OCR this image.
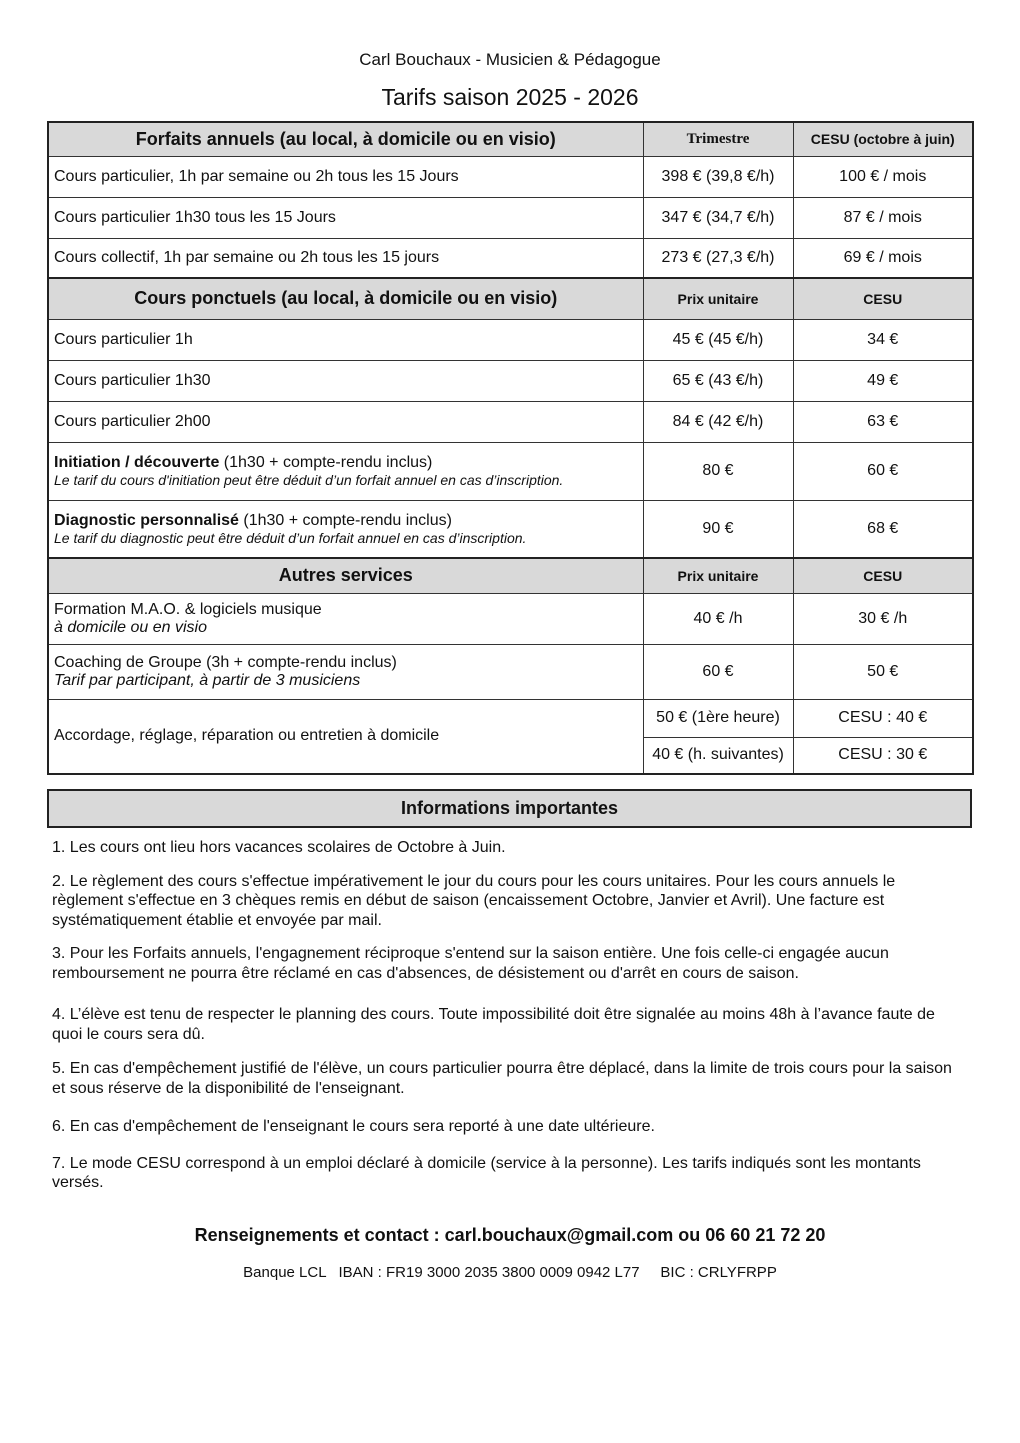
Carl Bouchaux - Musicien & Pédagogue
Tarifs saison 2025 - 2026
Forfaits annuels (au local, à domicile ou en visio)	Trimestre	CESU (octobre à juin)
Cours particulier, 1h par semaine ou 2h tous les 15 Jours	398 € (39,8 €/h)	100 € / mois
Cours particulier 1h30 tous les 15 Jours	347 € (34,7 €/h)	87 € / mois
Cours collectif, 1h par semaine ou 2h tous les 15 jours	273 € (27,3 €/h)	69 € / mois
Cours ponctuels (au local, à domicile ou en visio)	Prix unitaire	CESU
Cours particulier 1h	45 € (45 €/h)	34 €
Cours particulier 1h30	65 € (43 €/h)	49 €
Cours particulier 2h00	84 € (42 €/h)	63 €
Initiation / découverte (1h30 + compte-rendu inclus)
Le tarif du cours d'initiation peut être déduit d’un forfait annuel en cas d’inscription.	80 €	60 €
Diagnostic personnalisé (1h30 + compte-rendu inclus)
Le tarif du diagnostic peut être déduit d’un forfait annuel en cas d’inscription.	90 €	68 €
Autres services	Prix unitaire	CESU
Formation M.A.O. & logiciels musique
à domicile ou en visio	40 € /h	30 € /h
Coaching de Groupe (3h + compte-rendu inclus)
Tarif par participant, à partir de 3 musiciens	60 €	50 €
Accordage, réglage, réparation ou entretien à domicile	50 € (1ère heure)	CESU : 40 €
	40 € (h. suivantes)	CESU : 30 €
Informations importantes

1. Les cours ont lieu hors vacances scolaires de Octobre à Juin.

2. Le règlement des cours s'effectue impérativement le jour du cours pour les cours unitaires. Pour les cours annuels le règlement s'effectue en 3 chèques remis en début de saison (encaissement Octobre, Janvier et Avril). Une facture est systématiquement établie et envoyée par mail.

3. Pour les Forfaits annuels, l'engagnement réciproque s'entend sur la saison entière. Une fois celle-ci engagée aucun remboursement ne pourra être réclamé en cas d'absences, de désistement ou d'arrêt en cours de saison.

4. L’élève est tenu de respecter le planning des cours. Toute impossibilité doit être signalée au moins 48h à l’avance faute de quoi le cours sera dû.

5. En cas d'empêchement justifié de l'élève, un cours particulier pourra être déplacé, dans la limite de trois cours pour la saison et sous réserve de la disponibilité de l'enseignant.

6. En cas d'empêchement de l'enseignant le cours sera reporté à une date ultérieure.

7. Le mode CESU correspond à un emploi déclaré à domicile (service à la personne). Les tarifs indiqués sont les montants versés.

Renseignements et contact : carl.bouchaux@gmail.com ou 06 60 21 72 20
Banque LCL   IBAN : FR19 3000 2035 3800 0009 0942 L77     BIC : CRLYFRPP
